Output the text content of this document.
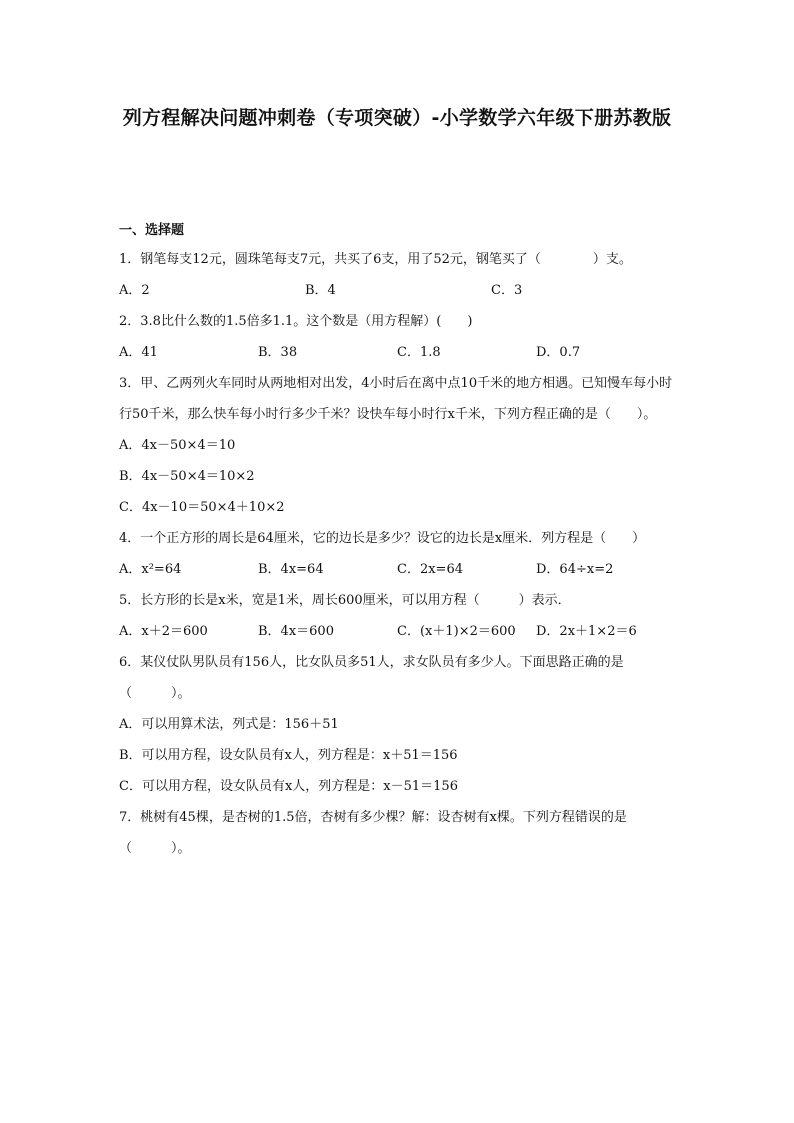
列方程解决问题冲刺卷（专项突破）-小学数学六年级下册苏教版
一、选择题
1．钢笔每支12元，圆珠笔每支7元，共买了6支，用了52元，钢笔买了（　　　　）支。
A．2	B．4	C．3
2．3.8比什么数的1.5倍多1.1。这个数是（用方程解）(　　)
A．41	B．38	C．1.8	D．0.7
3．甲、乙两列火车同时从两地相对出发，4小时后在离中点10千米的地方相遇。已知慢车每小时行50千米，那么快车每小时行多少千米？设快车每小时行x千米，下列方程正确的是（　　）。
A．4x－50×4＝10
B．4x－50×4＝10×2
C．4x－10＝50×4＋10×2
4．一个正方形的周长是64厘米，它的边长是多少？设它的边长是x厘米．列方程是（　　）
A．x²=64	B．4x=64	C．2x=64	D．64÷x=2
5．长方形的长是x米，宽是1米，周长600厘米，可以用方程（　　　）表示．
A．x＋2＝600	B．4x＝600	C．(x＋1)×2＝600	D．2x＋1×2＝6
6．某仪仗队男队员有156人，比女队员多51人，求女队员有多少人。下面思路正确的是（　　　）。
A．可以用算术法，列式是：156＋51
B．可以用方程，设女队员有x人，列方程是：x＋51＝156
C．可以用方程，设女队员有x人，列方程是：x－51＝156
7．桃树有45棵，是杏树的1.5倍，杏树有多少棵？解：设杏树有x棵。下列方程错误的是（　　　）。
